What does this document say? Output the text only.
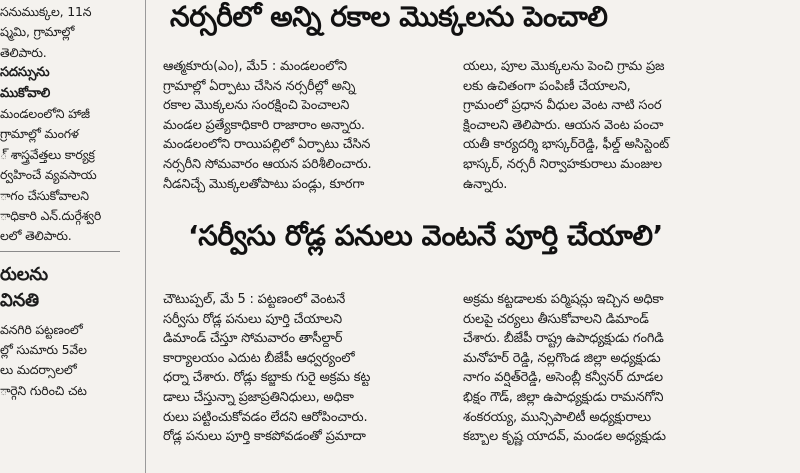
సనుముక్కల, 11న
ష్మమి, గ్రామాల్లో
తెలిపారు.
సదస్సును
ముకోవాలి
మండలంలోని హాజీ
గ్రామాల్లో మంగళ
్ శాస్త్రవేత్తలు కార్యక్ర
ర్వహించే వ్యవసాయ
ాగం చేసుకోవాలని
ాధికారి ఎన్.దుర్గేశ్వరి
లలో తెలిపారు.
రులను
వినతి
వనగిరి పట్టణంలో
ల్లో సుమారు 5వేల
లు మదర్సాలలో
ార్గెని గురించి చట
నర్సరీలో అన్ని రకాల మొక్కలను పెంచాలి
ఆత్మకూరు(ఎం), మే5 : మండలంలోని
గ్రామాల్లో ఏర్పాటు చేసిన నర్సరీల్లో అన్ని
రకాల మొక్కలను సంరక్షించి పెంచాలని
మండల ప్రత్యేకాధికారి రాజారాం అన్నారు.
మండలంలోని రాయిపల్లిలో ఏర్పాటు చేసిన
నర్సరీని సోమవారం ఆయన పరిశీలించారు.
నీడనిచ్చే మొక్కలతోపాటు పండ్లు, కూరగా
యలు, పూల మొక్కలను పెంచి గ్రామ ప్రజ
లకు ఉచితంగా పంపిణీ చేయాలని,
గ్రామంలో ప్రధాన వీధుల వెంట నాటి సంర
క్షించాలని తెలిపారు. ఆయన వెంట పంచా
యతీ కార్యదర్శి భాస్కర్‌రెడ్డి, ఫీల్డ్ అసిస్టెంట్
భాస్కర్, నర్సరీ నిర్వాహకురాలు మంజుల
ఉన్నారు.
‘సర్వీసు రోడ్ల పనులు వెంటనే పూర్తి చేయాలి’
చౌటుప్పల్, మే 5 : పట్టణంలో వెంటనే
సర్వీసు రోడ్ల పనులు పూర్తి చేయాలని
డిమాండ్ చేస్తూ సోమవారం తాసీల్దార్
కార్యాలయం ఎదుట బీజేపీ ఆధ్వర్యంలో
ధర్నా చేశారు. రోడ్లు కబ్జాకు గురై అక్రమ కట్ట
డాలు చేస్తున్నా ప్రజాప్రతినిధులు, అధికా
రులు పట్టించుకోవడం లేదని ఆరోపించారు.
రోడ్ల పనులు పూర్తి కాకపోవడంతో ప్రమాదా
అక్రమ కట్టడాలకు పర్మిషన్లు ఇచ్చిన అధికా
రులపై చర్యలు తీసుకోవాలని డిమాండ్
చేశారు. బీజేపీ రాష్ట్ర ఉపాధ్యక్షుడు గంగిడి
మనోహర్ రెడ్డి, నల్లగొండ జిల్లా అధ్యక్షుడు
నాగం వర్షిత్‌రెడ్డి, అసెంబ్లీ కన్వీనర్ దూడల
భిక్షం గౌడ్, జిల్లా ఉపాధ్యక్షుడు రామనగోని
శంకరయ్య, మున్సిపాలిటీ అధ్యక్షురాలు
కబ్బాల కృష్ణ యాదవ్, మండల అధ్యక్షుడు
